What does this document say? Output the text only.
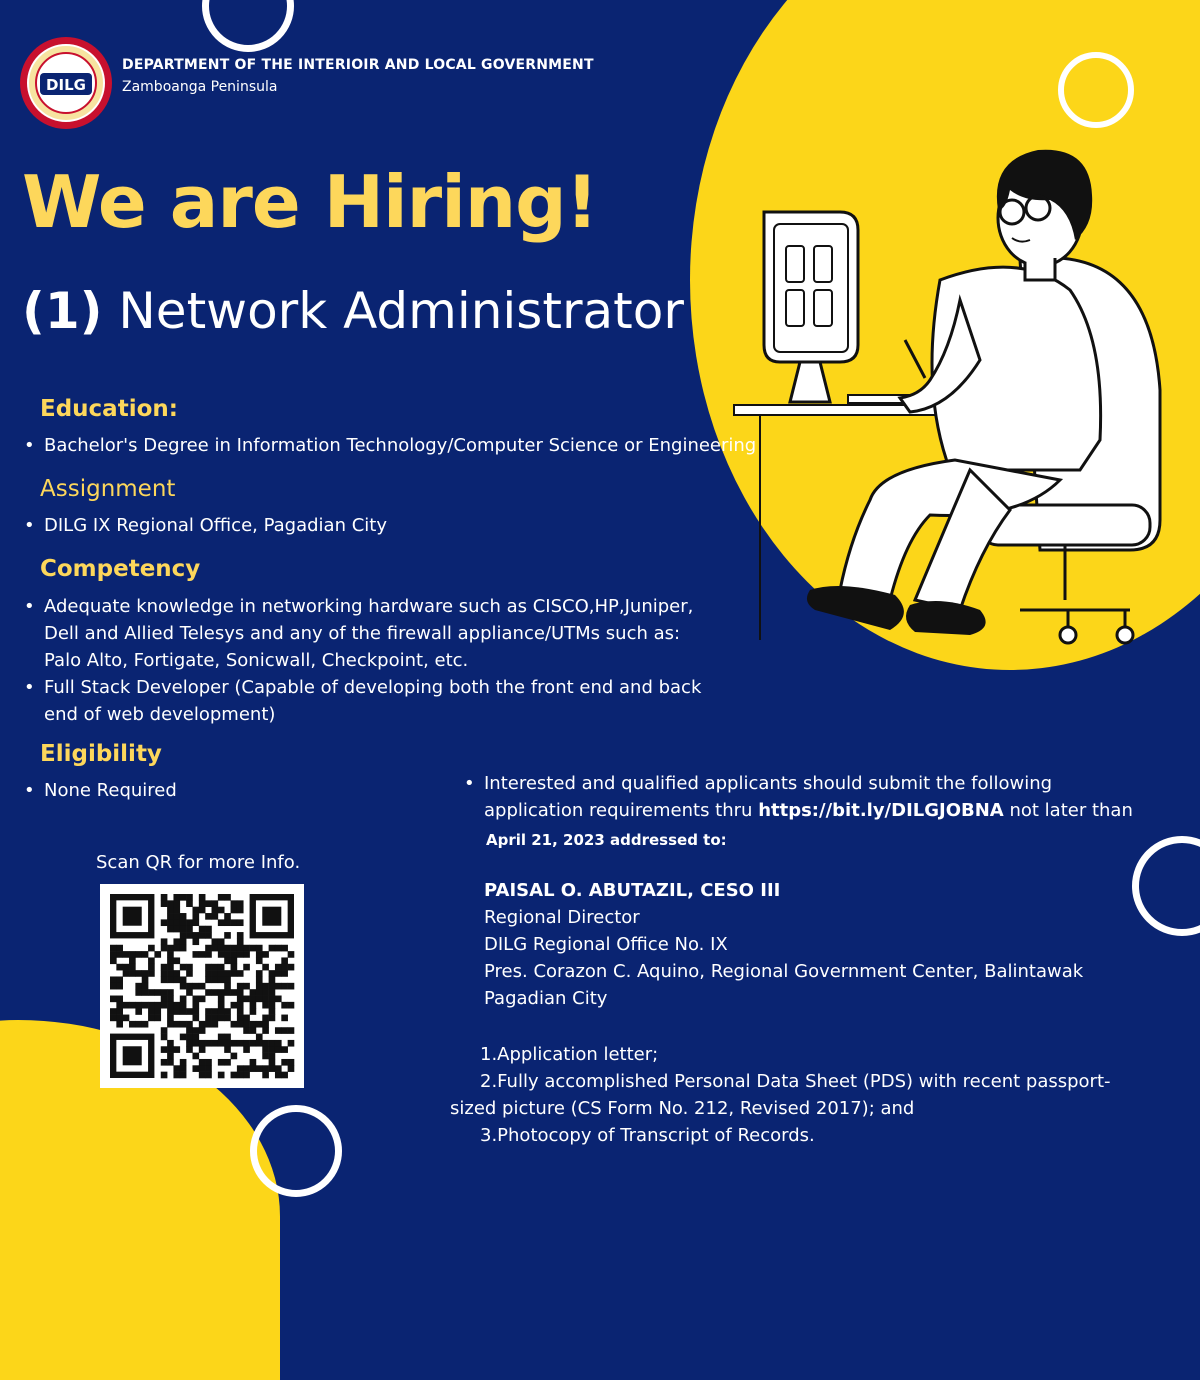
DILG
DEPARTMENT OF THE INTERIOIR AND LOCAL GOVERNMENT
Zamboanga Peninsula
We are Hiring!
(1) Network Administrator
Education:
• Bachelor's Degree in Information Technology/Computer Science or Engineering
Assignment
• DILG IX Regional Office, Pagadian City
Competency
• Adequate knowledge in networking hardware such as CISCO,HP,Juniper,
Dell and Allied Telesys and any of the firewall appliance/UTMs such as:
Palo Alto, Fortigate, Sonicwall, Checkpoint, etc.
• Full Stack Developer (Capable of developing both the front end and back
end of web development)
Eligibility
• None Required
Scan QR for more Info.
• Interested and qualified applicants should submit the following
application requirements thru https://bit.ly/DILGJOBNA not later than
April 21, 2023 addressed to:
PAISAL O. ABUTAZIL, CESO III
Regional Director
DILG Regional Office No. IX
Pres. Corazon C. Aquino, Regional Government Center, Balintawak
Pagadian City
1.Application letter;
2.Fully accomplished Personal Data Sheet (PDS) with recent passport-
sized picture (CS Form No. 212, Revised 2017); and
3.Photocopy of Transcript of Records.
